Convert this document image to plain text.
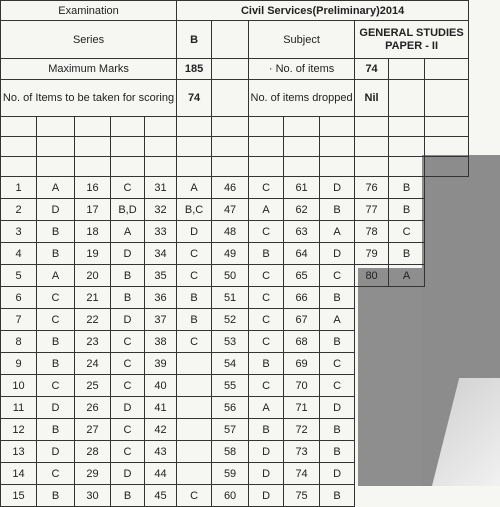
Examination					Civil Services(Preliminary)2014							
Series					B		Subject			GENERAL STUDIES PAPER - II		
Maximum Marks					185		· No. of items			74		
No. of Items to be taken for scoring					74		No. of items dropped			Nil		

1	A	16	C	31	A	46	C	61	D	76	B	
2	D	17	B,D	32	B,C	47	A	62	B	77	B	
3	B	18	A	33	D	48	C	63	A	78	C	
4	B	19	D	34	C	49	B	64	D	79	B	
5	A	20	B	35	C	50	C	65	C	80	A	
6	C	21	B	36	B	51	C	66	B			
7	C	22	D	37	B	52	C	67	A			
8	B	23	C	38	C	53	C	68	B			
9	B	24	C	39		54	B	69	C			
10	C	25	C	40		55	C	70	C			
11	D	26	D	41		56	A	71	D			
12	B	27	C	42		57	B	72	B			
13	D	28	C	43		58	D	73	B			
14	C	29	D	44		59	D	74	D			
15	B	30	B	45	C	60	D	75	B			
